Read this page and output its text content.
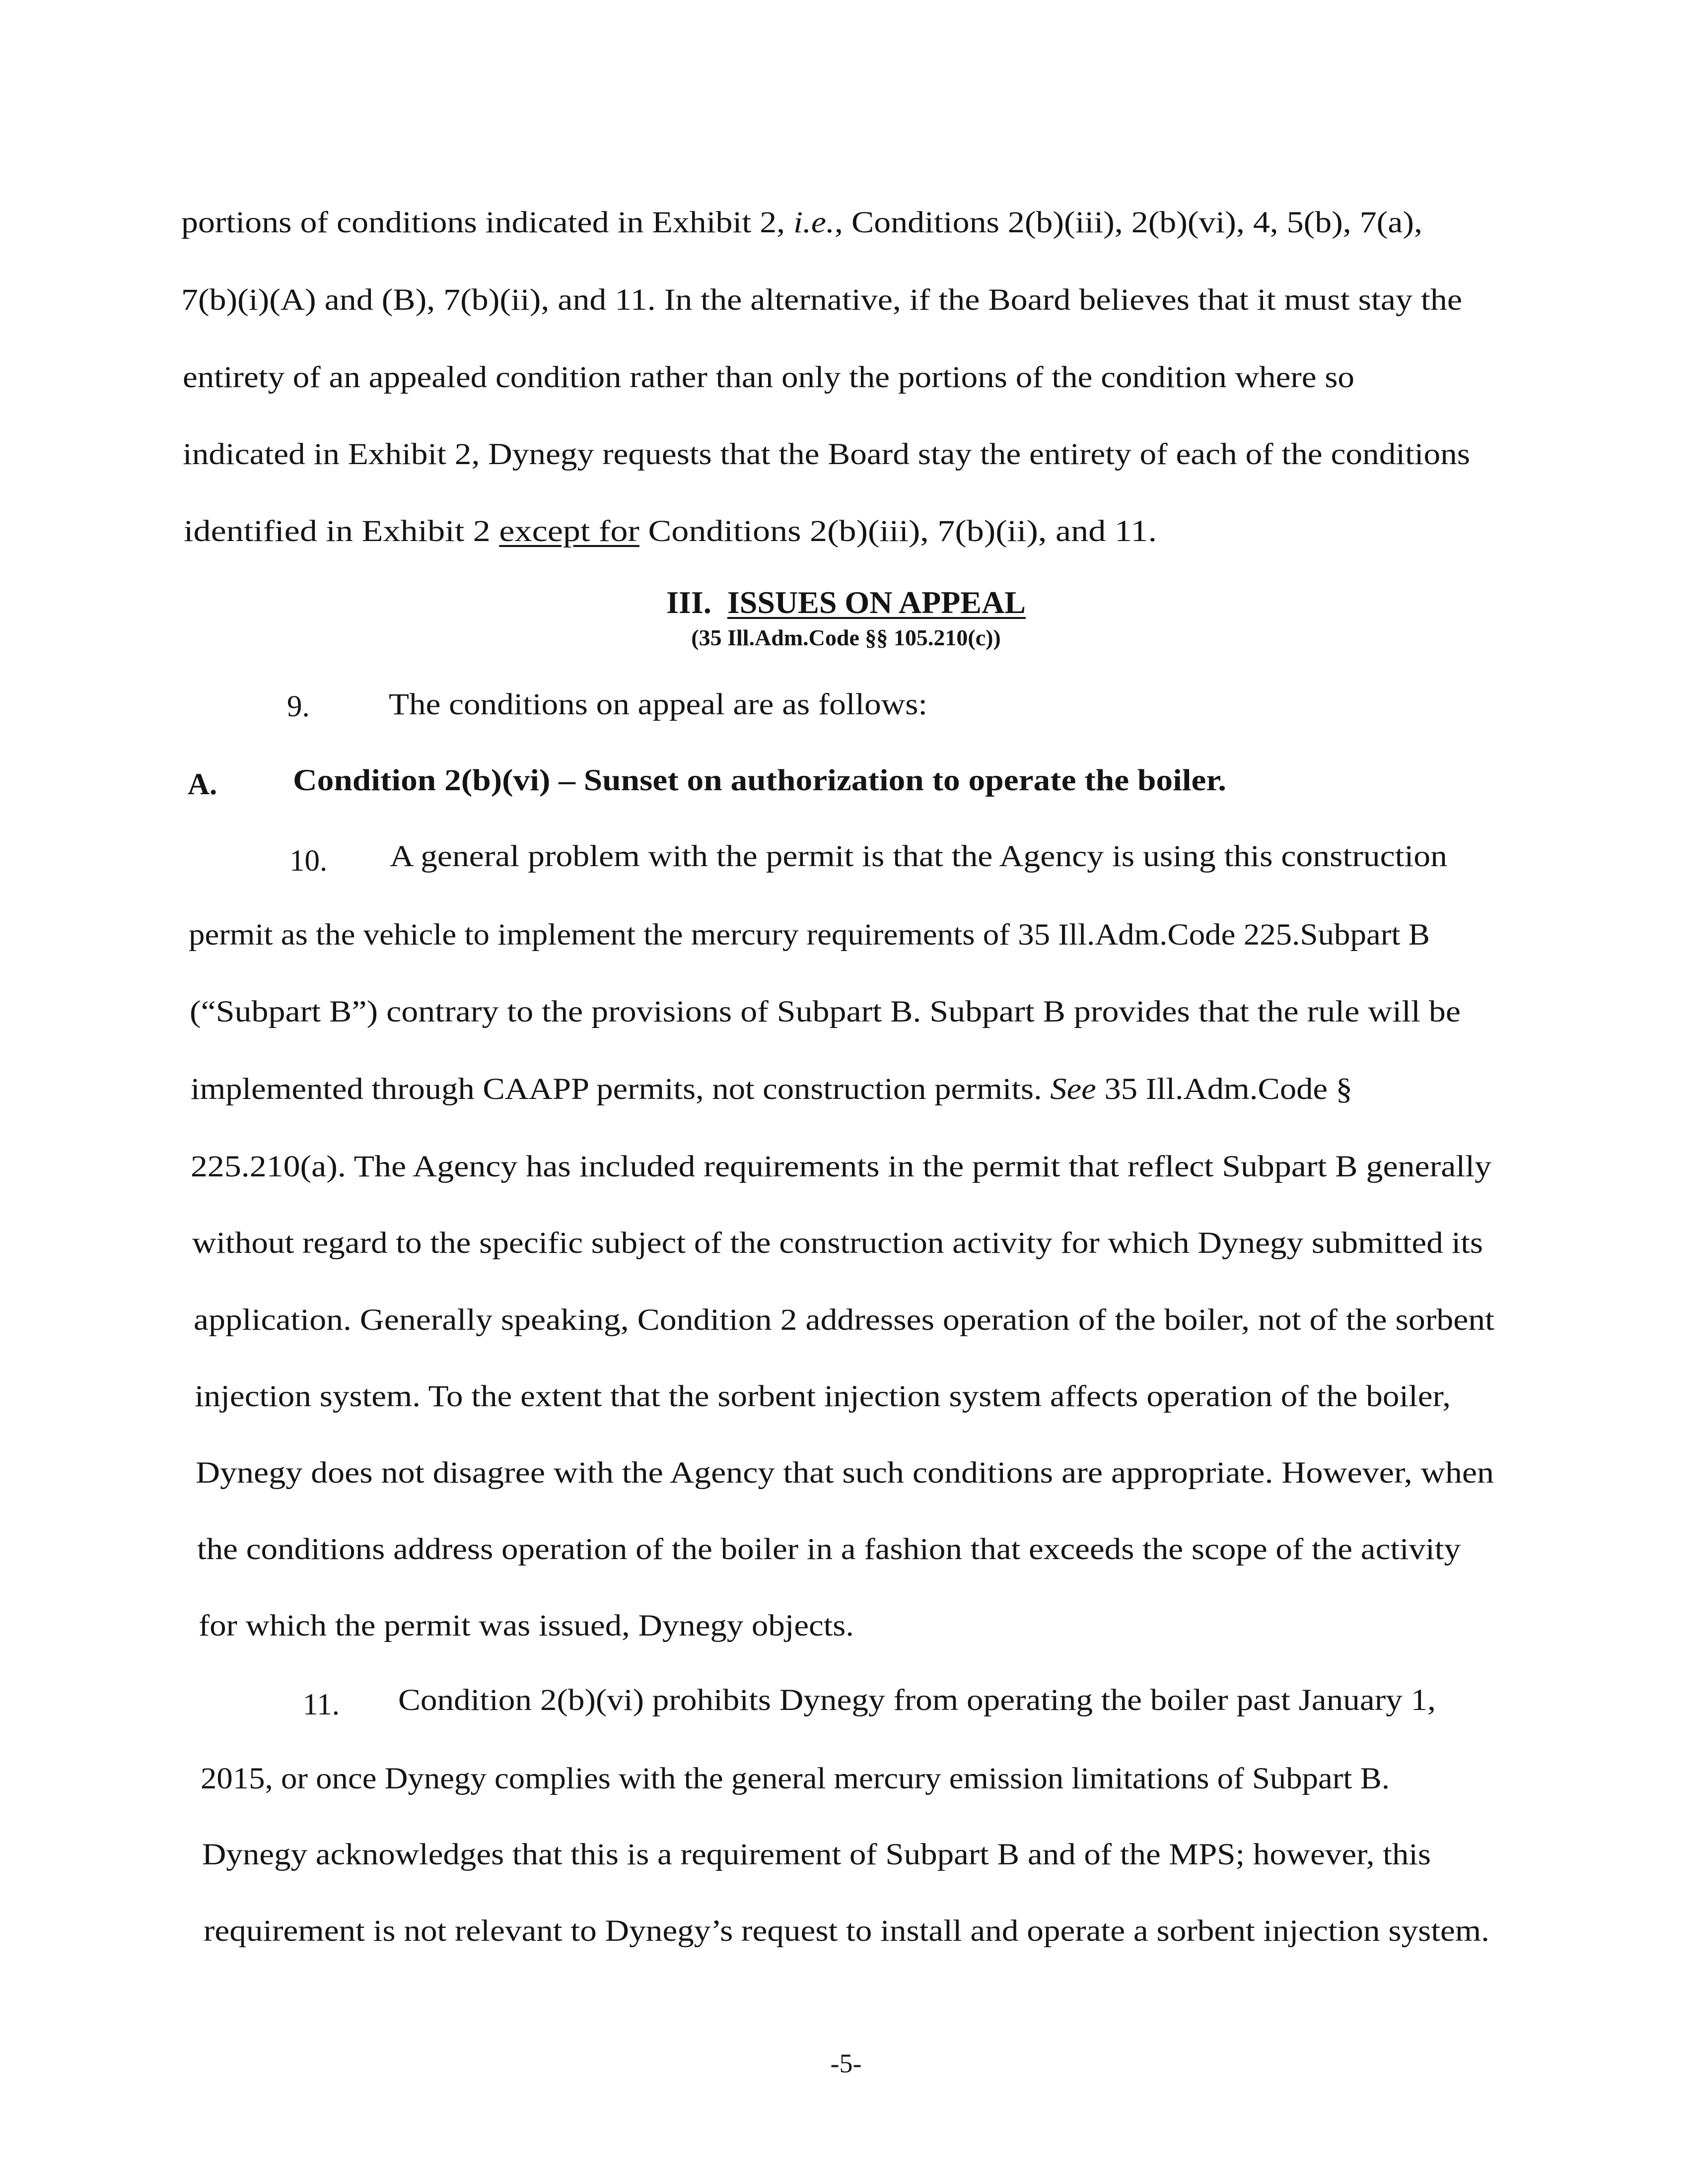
portions of conditions indicated in Exhibit 2, i.e., Conditions 2(b)(iii), 2(b)(vi), 4, 5(b), 7(a),
7(b)(i)(A) and (B), 7(b)(ii), and 11. In the alternative, if the Board believes that it must stay the
entirety of an appealed condition rather than only the portions of the condition where so
indicated in Exhibit 2, Dynegy requests that the Board stay the entirety of each of the conditions
identified in Exhibit 2 except for Conditions 2(b)(iii), 7(b)(ii), and 11.
III. ISSUES ON APPEAL
(35 Ill.Adm.Code §§ 105.210(c))
9.	The conditions on appeal are as follows:
A.	Condition 2(b)(vi) – Sunset on authorization to operate the boiler.
10. A general problem with the permit is that the Agency is using this construction
permit as the vehicle to implement the mercury requirements of 35 Ill.Adm.Code 225.Subpart B
(“Subpart B”) contrary to the provisions of Subpart B. Subpart B provides that the rule will be
implemented through CAAPP permits, not construction permits. See 35 Ill.Adm.Code §
225.210(a). The Agency has included requirements in the permit that reflect Subpart B generally
without regard to the specific subject of the construction activity for which Dynegy submitted its
application. Generally speaking, Condition 2 addresses operation of the boiler, not of the sorbent
injection system. To the extent that the sorbent injection system affects operation of the boiler,
Dynegy does not disagree with the Agency that such conditions are appropriate. However, when
the conditions address operation of the boiler in a fashion that exceeds the scope of the activity
for which the permit was issued, Dynegy objects.
11. Condition 2(b)(vi) prohibits Dynegy from operating the boiler past January 1,
2015, or once Dynegy complies with the general mercury emission limitations of Subpart B.
Dynegy acknowledges that this is a requirement of Subpart B and of the MPS; however, this
requirement is not relevant to Dynegy’s request to install and operate a sorbent injection system.
-5-
